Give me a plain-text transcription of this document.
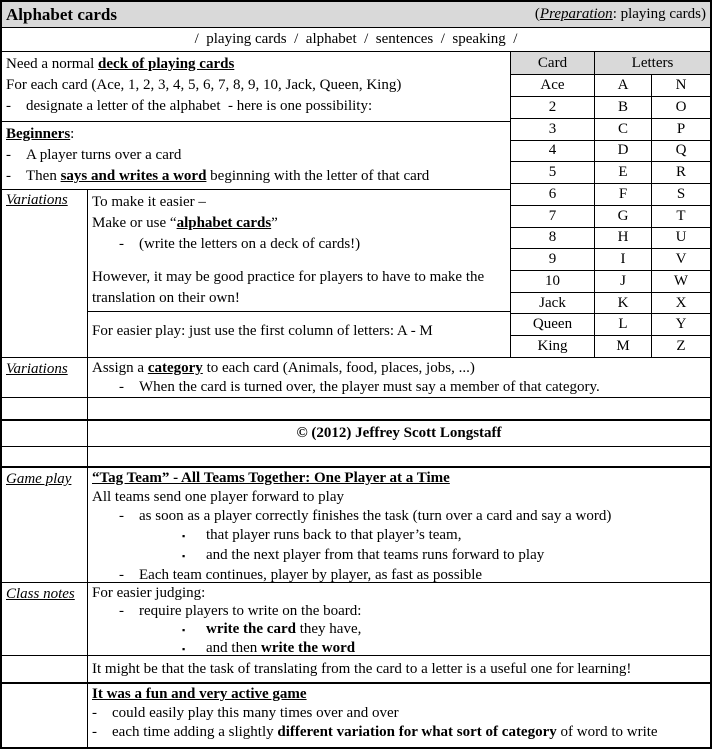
Alphabet cards	(Preparation: playing cards)
/  playing cards  /  alphabet  /  sentences  /  speaking  /
Need a normal deck of playing cards
For each card (Ace, 1, 2, 3, 4, 5, 6, 7, 8, 9, 10, Jack, Queen, King)
-	designate a letter of the alphabet  - here is one possibility:
Beginners:
-	A player turns over a card
-	Then says and writes a word beginning with the letter of that card
Variations	To make it easier –
Make or use “alphabet cards”
-	(write the letters on a deck of cards!)
However, it may be good practice for players to have to make the translation on their own!
For easier play: just use the first column of letters: A - M
Card	Letters
Ace	A	N
2	B	O
3	C	P
4	D	Q
5	E	R
6	F	S
7	G	T
8	H	U
9	I	V
10	J	W
Jack	K	X
Queen	L	Y
King	M	Z
Variations	Assign a category to each card (Animals, food, places, jobs, ...)
-	When the card is turned over, the player must say a member of that category.
© (2012) Jeffrey Scott Longstaff
Game play	“Tag Team” - All Teams Together: One Player at a Time
All teams send one player forward to play
-	as soon as a player correctly finishes the task (turn over a card and say a word)
▪	that player runs back to that player’s team,
▪	and the next player from that teams runs forward to play
-	Each team continues, player by player, as fast as possible
Class notes	For easier judging:
-	require players to write on the board:
▪	write the card they have,
▪	and then write the word
It might be that the task of translating from the card to a letter is a useful one for learning!
It was a fun and very active game
-	could easily play this many times over and over
-	each time adding a slightly different variation for what sort of category of word to write
